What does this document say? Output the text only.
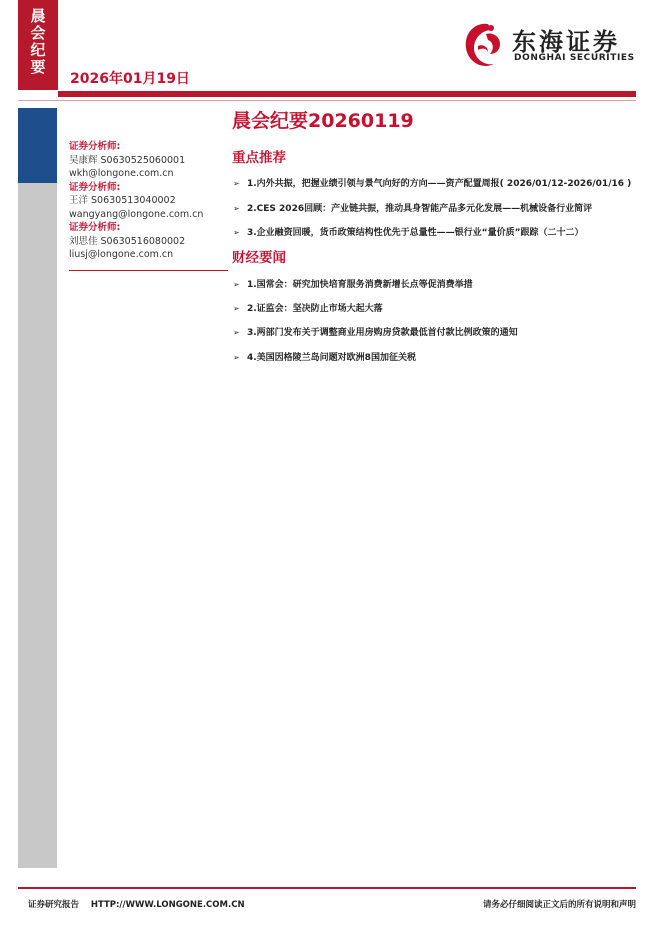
晨
会
纪
要
2026年01月19日
东海证券
DONGHAI SECURITIES
证券分析师:
吴康辉 S0630525060001
wkh@longone.com.cn
证券分析师:
王洋 S0630513040002
wangyang@longone.com.cn
证券分析师:
刘思佳 S0630516080002
liusj@longone.com.cn
晨会纪要20260119
重点推荐
➢ 1.内外共振，把握业绩引领与景气向好的方向——资产配置周报( 2026/01/12-2026/01/16 )
➢ 2.CES 2026回顾：产业链共振，推动具身智能产品多元化发展——机械设备行业简评
➢ 3.企业融资回暖，货币政策结构性优先于总量性——银行业“量价质”跟踪（二十二）
财经要闻
➢ 1.国常会：研究加快培育服务消费新增长点等促消费举措
➢ 2.证监会：坚决防止市场大起大落
➢ 3.两部门发布关于调整商业用房购房贷款最低首付款比例政策的通知
➢ 4.美国因格陵兰岛问题对欧洲8国加征关税
证券研究报告    HTTP://WWW.LONGONE.COM.CN	请务必仔细阅读正文后的所有说明和声明
